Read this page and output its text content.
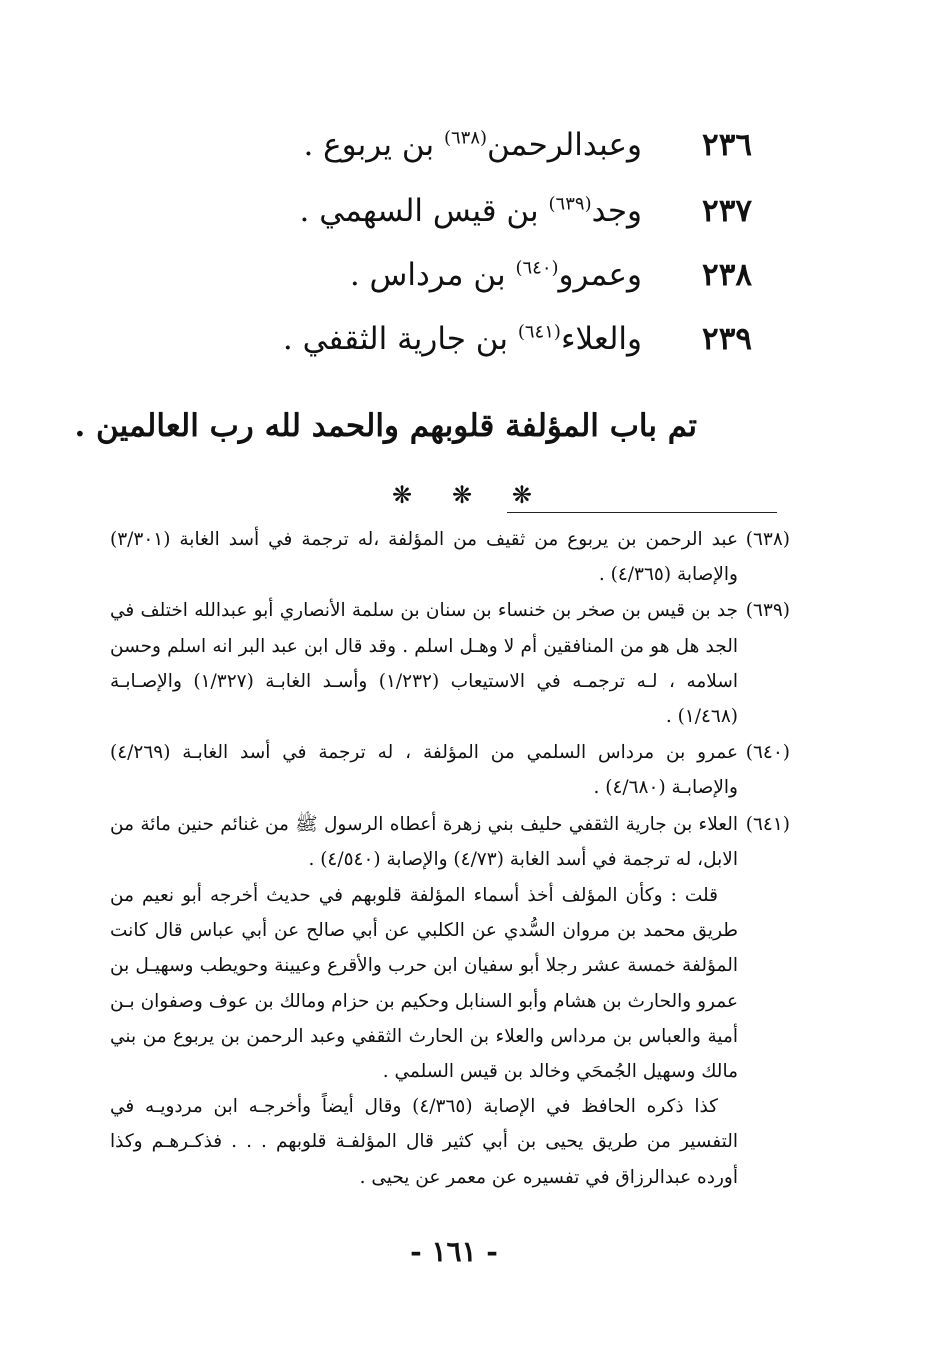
٢٣٦وعبدالرحمن$^{(٦٣٨)}$ بن يربوع .
٢٣٧وجد$^{(٦٣٩)}$ بن قيس السهمي .
٢٣٨وعمرو$^{(٦٤٠)}$ بن مرداس .
٢٣٩والعلاء$^{(٦٤١)}$ بن جارية الثقفي .
تم باب المؤلفة قلوبهم والحمد لله رب العالمين .
❋ ❋ ❋

(٦٣٨)عبد الرحمن بن يربوع من ثقيف من المؤلفة ،له ترجمة في أسد الغابة (٣/٣٠١) والإصابة (٤/٣٦٥) .

(٦٣٩)جد بن قيس بن صخر بن خنساء بن سنان بن سلمة الأنصاري أبو عبدالله اختلف في الجد هل هو من المنافقين أم لا وهـل اسلم . وقد قال ابن عبد البر انه اسلم وحسن اسلامه ، لـه ترجمـه في الاستيعاب (١/٢٣٢) وأسـد الغابـة (١/٣٢٧) والإصـابـة (١/٤٦٨) .

(٦٤٠)عمرو بن مرداس السلمي من المؤلفة ، له ترجمة في أسد الغابـة (٤/٢٦٩) والإصابـة (٤/٦٨٠) .

(٦٤١)العلاء بن جارية الثقفي حليف بني زهرة أعطاه الرسول ﷺ من غنائم حنين مائة من الابل، له ترجمة في أسد الغابة (٤/٧٣) والإصابة (٤/٥٤٠) .

قلت : وكأن المؤلف أخذ أسماء المؤلفة قلوبهم في حديث أخرجه أبو نعيم من طريق محمد بن مروان السُّدي عن الكلبي عن أبي صالح عن أبي عباس قال كانت المؤلفة خمسة عشر رجلا أبو سفيان ابن حرب والأقرع وعيينة وحويطب وسهيـل بن عمرو والحارث بن هشام وأبو السنابل وحكيم بن حزام ومالك بن عوف وصفوان بـن أمية والعباس بن مرداس والعلاء بن الحارث الثقفي وعبد الرحمن بن يربوع من بني مالك وسهيل الجُمحَي وخالد بن قيس السلمي .

كذا ذكره الحافظ في الإصابة (٤/٣٦٥) وقال أيضاً وأخرجـه ابن مردويـه في التفسير من طريق يحيى بن أبي كثير قال المؤلفـة قلوبهم . . . فذكـرهـم وكذا أورده عبدالرزاق في تفسيره عن معمر عن يحيى .

- ١٦١ -
